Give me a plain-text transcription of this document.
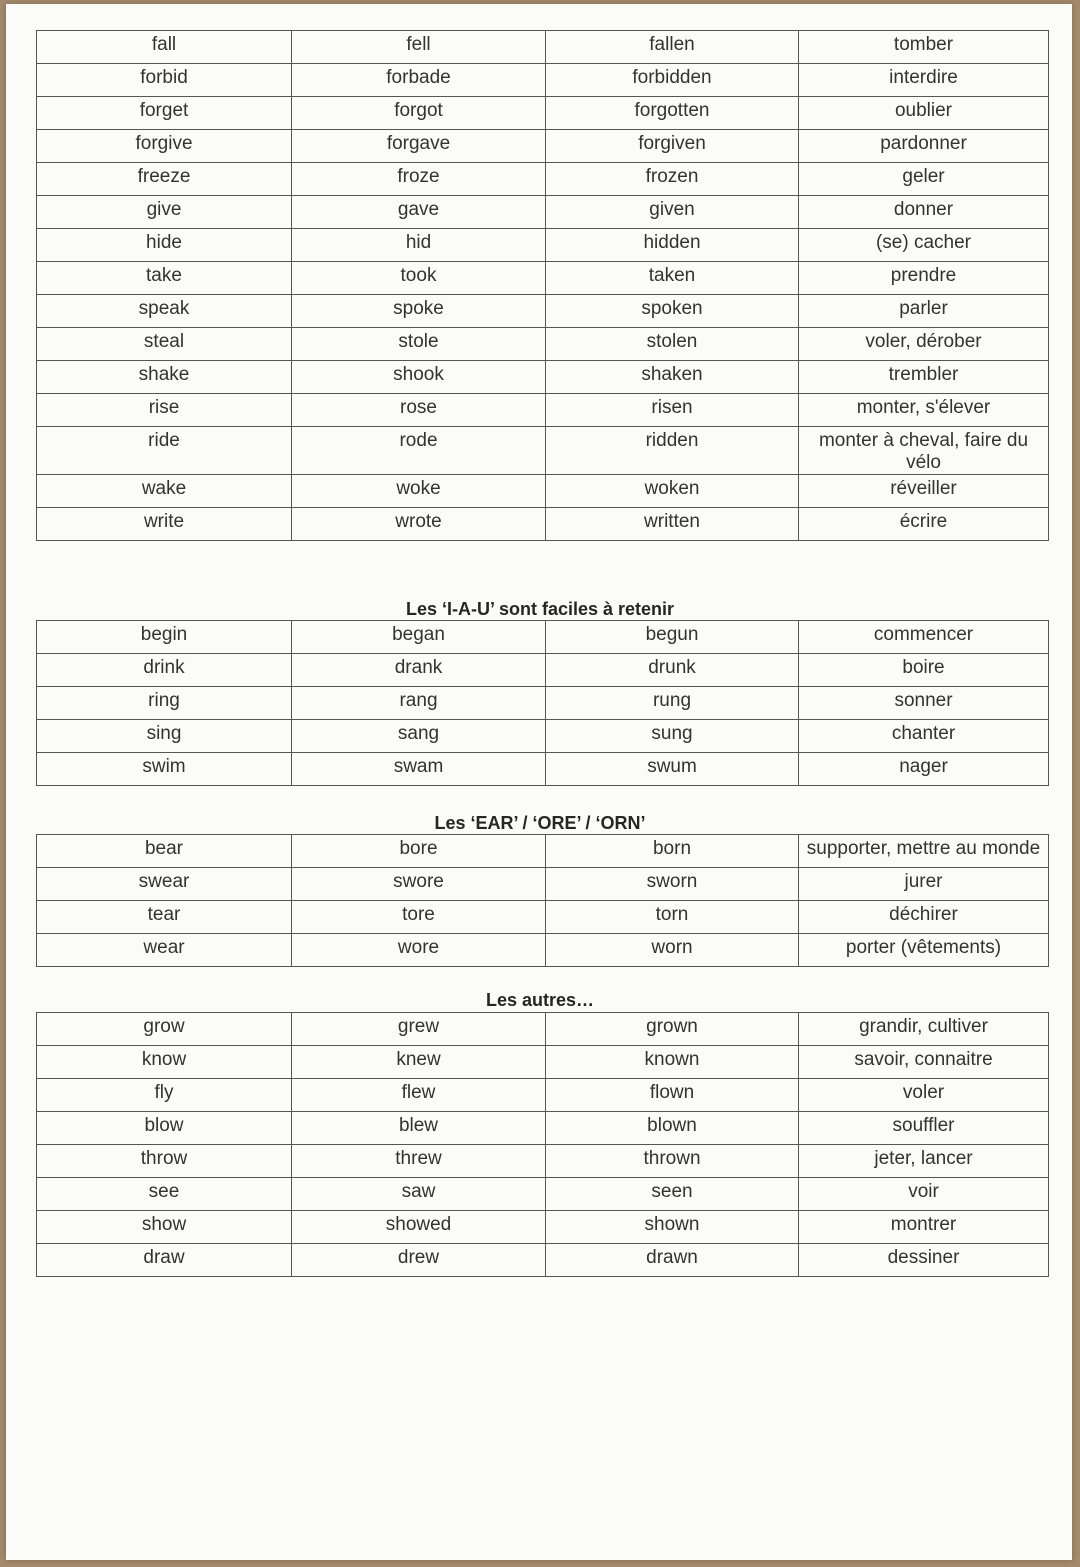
fall	fell	fallen	tomber
forbid	forbade	forbidden	interdire
forget	forgot	forgotten	oublier
forgive	forgave	forgiven	pardonner
freeze	froze	frozen	geler
give	gave	given	donner
hide	hid	hidden	(se) cacher
take	took	taken	prendre
speak	spoke	spoken	parler
steal	stole	stolen	voler, dérober
shake	shook	shaken	trembler
rise	rose	risen	monter, s'élever
ride	rode	ridden	monter à cheval, faire du vélo
wake	woke	woken	réveiller
write	wrote	written	écrire
Les ‘I-A-U’ sont faciles à retenir
begin	began	begun	commencer
drink	drank	drunk	boire
ring	rang	rung	sonner
sing	sang	sung	chanter
swim	swam	swum	nager
Les ‘EAR’ / ‘ORE’ / ‘ORN’
bear	bore	born	supporter, mettre au monde
swear	swore	sworn	jurer
tear	tore	torn	déchirer
wear	wore	worn	porter (vêtements)
Les autres…
grow	grew	grown	grandir, cultiver
know	knew	known	savoir, connaitre
fly	flew	flown	voler
blow	blew	blown	souffler
throw	threw	thrown	jeter, lancer
see	saw	seen	voir
show	showed	shown	montrer
draw	drew	drawn	dessiner
